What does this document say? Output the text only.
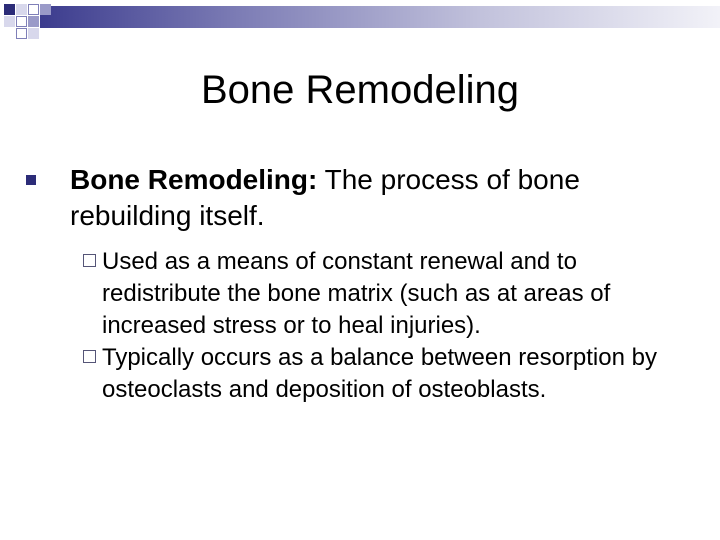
Bone Remodeling
Bone Remodeling: The process of bone rebuilding itself.
Used as a means of constant renewal and to redistribute the bone matrix (such as at areas of increased stress or to heal injuries).
Typically occurs as a balance between resorption by osteoclasts and deposition of osteoblasts.
